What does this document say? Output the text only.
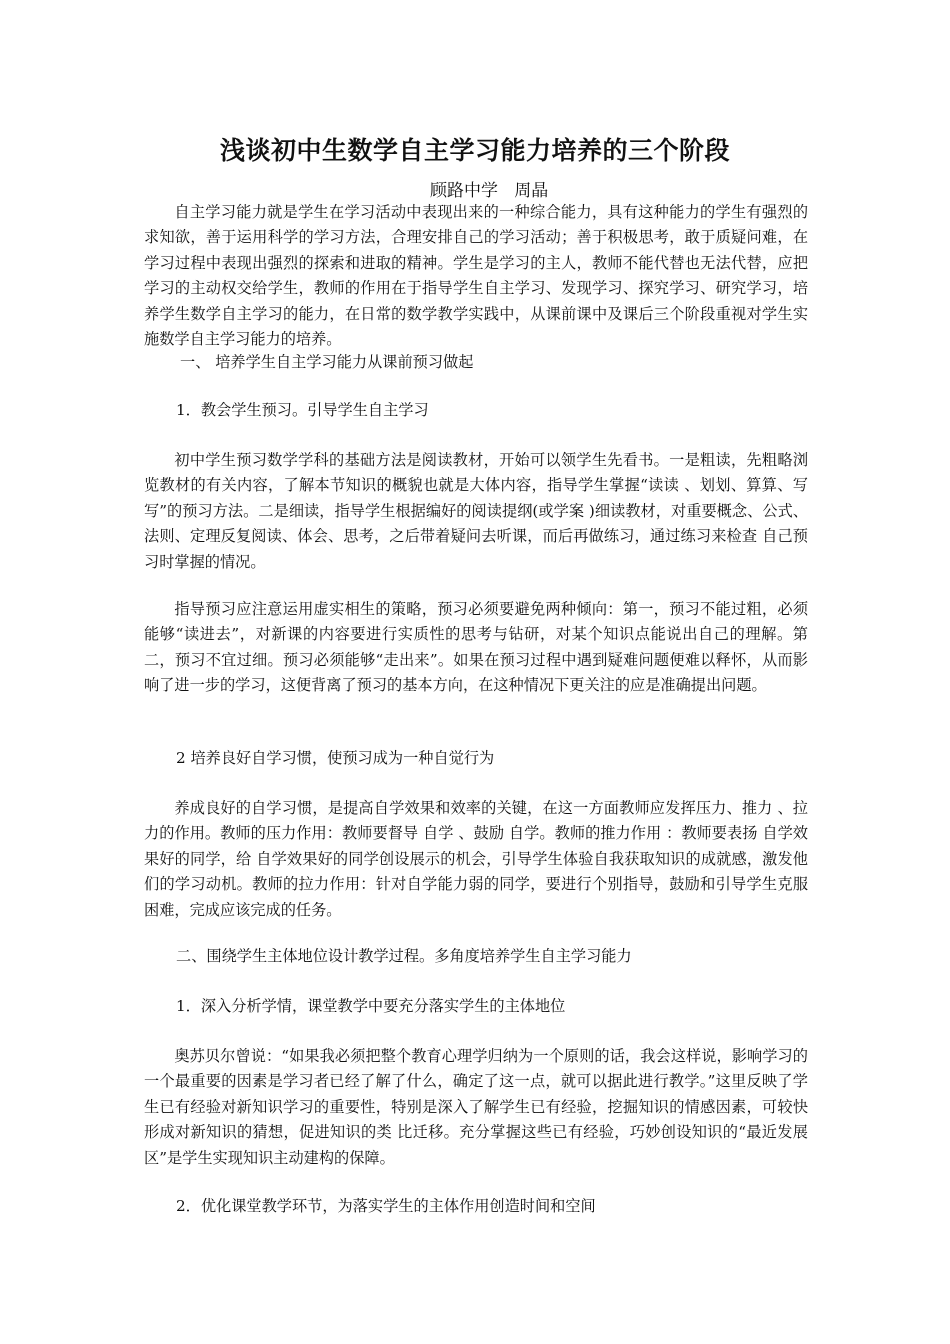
浅谈初中生数学自主学习能力培养的三个阶段
顾路中学   周晶
自主学习能力就是学生在学习活动中表现出来的一种综合能力，具有这种能力的学生有强烈的求知欲，善于运用科学的学习方法，合理安排自己的学习活动；善于积极思考，敢于质疑问难，在学习过程中表现出强烈的探索和进取的精神。学生是学习的主人，教师不能代替也无法代替，应把学习的主动权交给学生，教师的作用在于指导学生自主学习、发现学习、探究学习、研究学习，培养学生数学自主学习的能力，在日常的数学教学实践中，从课前课中及课后三个阶段重视对学生实施数学自主学习能力的培养。
一、 培养学生自主学习能力从课前预习做起
1．教会学生预习。引导学生自主学习
初中学生预习数学学科的基础方法是阅读教材，开始可以领学生先看书。一是粗读，先粗略浏览教材的有关内容，了解本节知识的概貌也就是大体内容，指导学生掌握“读读 、划划、算算、写写”的预习方法。二是细读，指导学生根据编好的阅读提纲(或学案 )细读教材，对重要概念、公式、法则、定理反复阅读、体会、思考，之后带着疑问去听课，而后再做练习，通过练习来检查 自己预习时掌握的情况。
指导预习应注意运用虚实相生的策略，预习必须要避免两种倾向：第一，预习不能过粗，必须能够“读进去”，对新课的内容要进行实质性的思考与钻研，对某个知识点能说出自己的理解。第二，预习不宜过细。预习必须能够“走出来”。如果在预习过程中遇到疑难问题便难以释怀，从而影响了进一步的学习，这便背离了预习的基本方向，在这种情况下更关注的应是准确提出问题。
2 培养良好自学习惯，使预习成为一种自觉行为
养成良好的自学习惯，是提高自学效果和效率的关键，在这一方面教师应发挥压力、推力 、拉力的作用。教师的压力作用：教师要督导 自学 、鼓励 自学。教师的推力作用 ：教师要表扬 自学效果好的同学，给 自学效果好的同学创设展示的机会，引导学生体验自我获取知识的成就感，激发他们的学习动机。教师的拉力作用：针对自学能力弱的同学，要进行个别指导，鼓励和引导学生克服困难，完成应该完成的任务。
二、围绕学生主体地位设计教学过程。多角度培养学生自主学习能力
1．深入分析学情，课堂教学中要充分落实学生的主体地位
奥苏贝尔曾说：“如果我必须把整个教育心理学归纳为一个原则的话，我会这样说，影响学习的一个最重要的因素是学习者已经了解了什么，确定了这一点，就可以据此进行教学。”这里反映了学生已有经验对新知识学习的重要性，特别是深入了解学生已有经验，挖掘知识的情感因素，可较快形成对新知识的猜想，促进知识的类 比迁移。充分掌握这些已有经验，巧妙创设知识的“最近发展区”是学生实现知识主动建构的保障。
2．优化课堂教学环节，为落实学生的主体作用创造时间和空间
